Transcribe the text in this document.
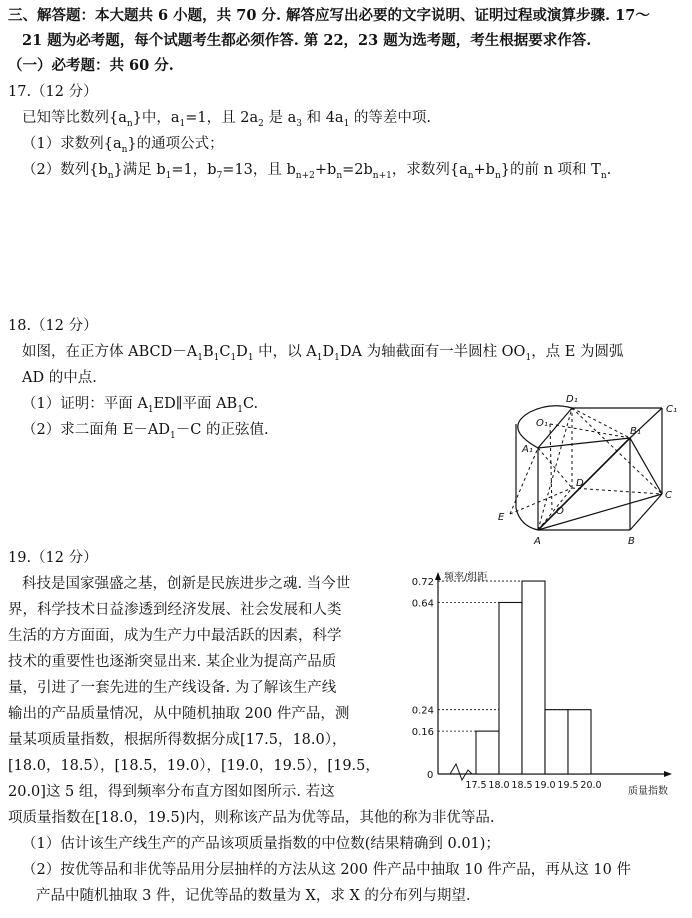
三、解答题：本大题共 6 小题，共 70 分. 解答应写出必要的文字说明、证明过程或演算步骤. 17～
21 题为必考题，每个试题考生都必须作答. 第 22，23 题为选考题，考生根据要求作答.
（一）必考题：共 60 分.
17.（12 分）
已知等比数列$\{a_n\}$中，$a_1=1$，且 $2a_2$ 是 $a_3$ 和 $4a_1$ 的等差中项.
（1）求数列$\{a_n\}$的通项公式；
（2）数列$\{b_n\}$满足 $b_1=1$，$b_7=13$，且 $b_{n+2}+b_n=2b_{n+1}$，求数列$\{a_n+b_n\}$的前 n 项和 $T_n$.
18.（12 分）
如图，在正方体 $ABCD-A_1B_1C_1D_1$ 中，以 $A_1D_1DA$ 为轴截面有一半圆柱 $OO_1$，点 E 为圆弧
AD 的中点.
（1）证明：平面 $A_1ED\parallel$平面 $AB_1C$.
（2）求二面角 $E-AD_1-C$ 的正弦值.
D₁
C₁
O₁
A₁
B₁
D
C
E
O
A	B
19.（12 分）
科技是国家强盛之基，创新是民族进步之魂. 当今世
界，科学技术日益渗透到经济发展、社会发展和人类
生活的方方面面，成为生产力中最活跃的因素，科学
技术的重要性也逐渐突显出来. 某企业为提高产品质
量，引进了一套先进的生产线设备. 为了解该生产线
输出的产品质量情况，从中随机抽取 200 件产品，测
量某项质量指数，根据所得数据分成[17.5，18.0），
[18.0，18.5），[18.5，19.0），[19.0，19.5），[19.5，
20.0]这 5 组，得到频率分布直方图如图所示. 若这
项质量指数在[18.0，19.5)内，则称该产品为优等品，其他的称为非优等品.
（1）估计该生产线生产的产品该项质量指数的中位数(结果精确到 0.01)；
（2）按优等品和非优等品用分层抽样的方法从这 200 件产品中抽取 10 件产品，再从这 10 件
产品中随机抽取 3 件，记优等品的数量为 X，求 X 的分布列与期望.
频率/组距
质量指数
0
0.72
0.64
0.24
0.16
17.5 18.0 18.5 19.0 19.5 20.0
